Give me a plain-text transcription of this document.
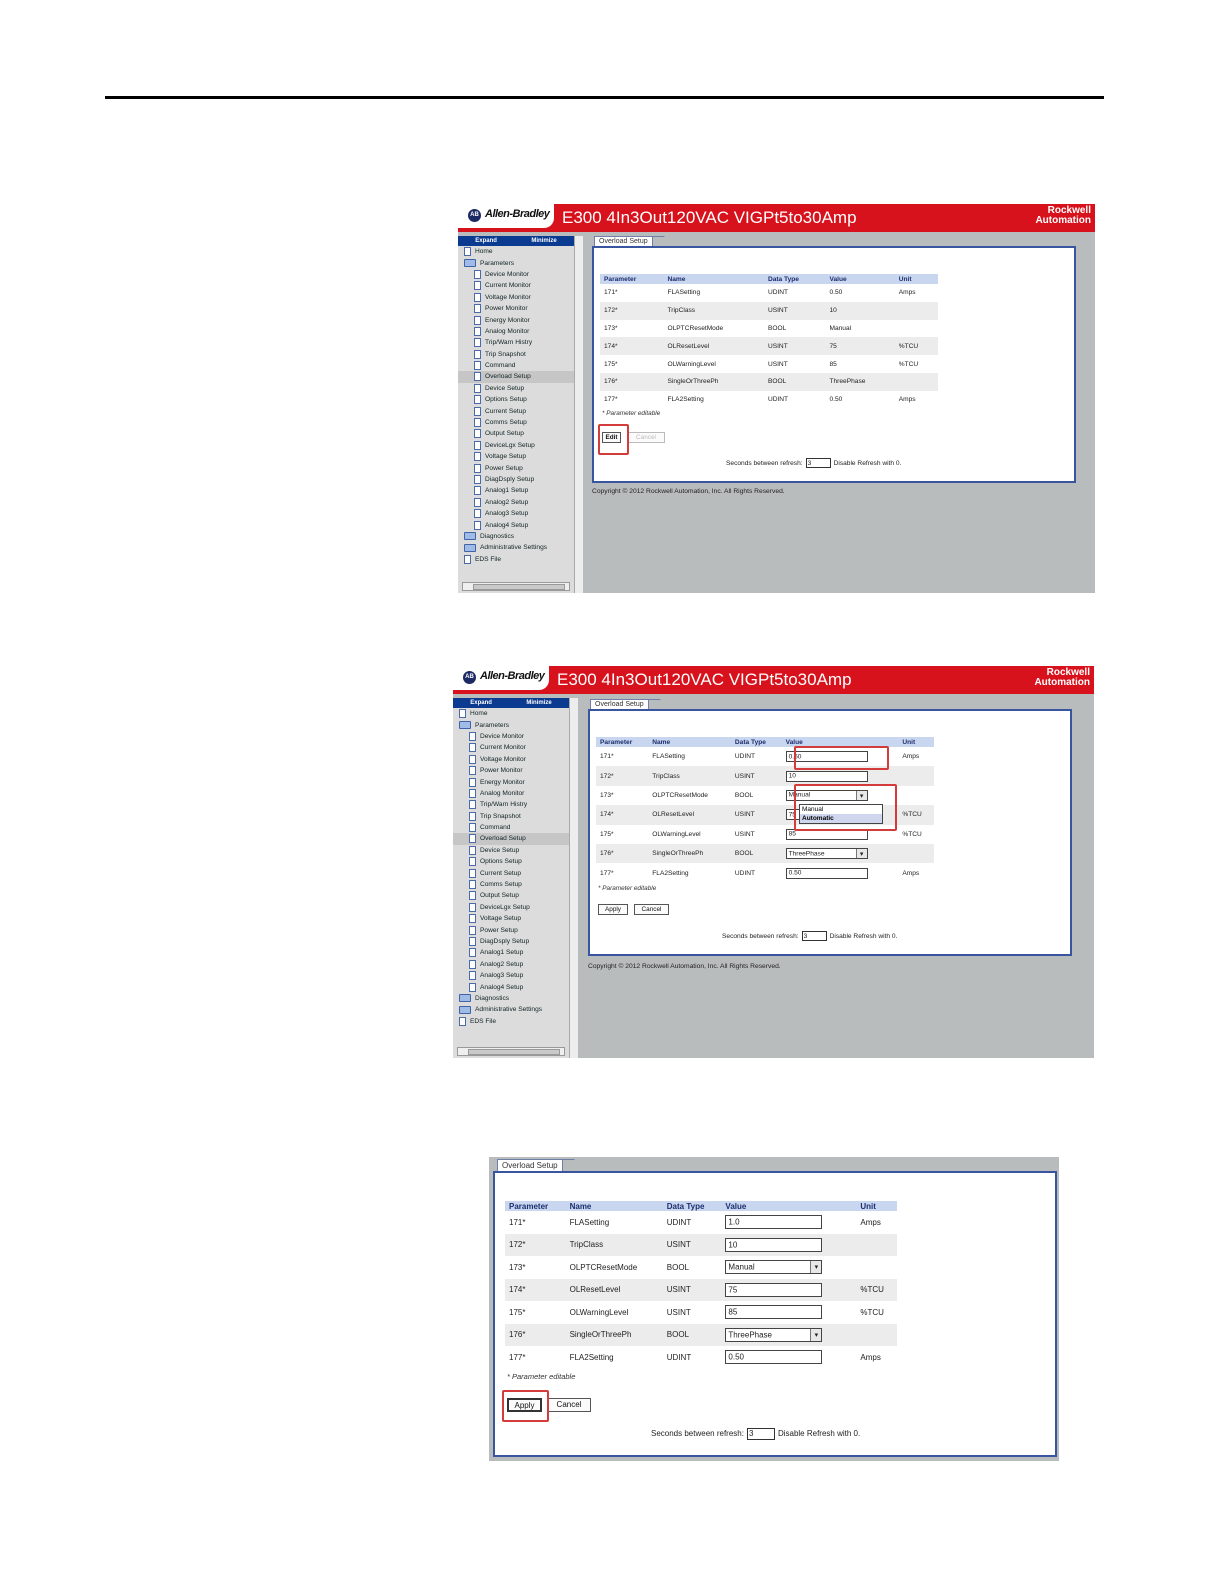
AB Allen-Bradley E300 4In3Out120VAC VIGPt5to30Amp	Rockwell
Automation
Expand	Minimize
Home
Parameters
Device Monitor
Current Monitor
Voltage Monitor
Power Monitor
Energy Monitor
Analog Monitor
Trip/Warn Histry
Trip Snapshot
Command
Overload Setup
Device Setup
Options Setup
Current Setup
Comms Setup
Output Setup
DeviceLgx Setup
Voltage Setup
Power Setup
DiagDsply Setup
Analog1 Setup
Analog2 Setup
Analog3 Setup
Analog4 Setup
Diagnostics
Administrative Settings
EDS File
Overload Setup
Parameter	Name	Data Type	Value	Unit
171*	FLASetting	UDINT	0.50	Amps
172*	TripClass	USINT	10	
173*	OLPTCResetMode	BOOL	Manual	
174*	OLResetLevel	USINT	75	%TCU
175*	OLWarningLevel	USINT	85	%TCU
176*	SingleOrThreePh	BOOL	ThreePhase	
177*	FLA2Setting	UDINT	0.50	Amps
* Parameter editable
Edit	Cancel
Seconds between refresh: 3	Disable Refresh with 0.
Copyright © 2012 Rockwell Automation, Inc. All Rights Reserved.
AB Allen-Bradley E300 4In3Out120VAC VIGPt5to30Amp	Rockwell
Automation
Expand	Minimize
Home
Parameters
Device Monitor
Current Monitor
Voltage Monitor
Power Monitor
Energy Monitor
Analog Monitor
Trip/Warn Histry
Trip Snapshot
Command
Overload Setup
Device Setup
Options Setup
Current Setup
Comms Setup
Output Setup
DeviceLgx Setup
Voltage Setup
Power Setup
DiagDsply Setup
Analog1 Setup
Analog2 Setup
Analog3 Setup
Analog4 Setup
Diagnostics
Administrative Settings
EDS File
Overload Setup
Parameter	Name	Data Type	Value	Unit
171*	FLASetting	UDINT	0.50	Amps
172*	TripClass	USINT	10	

173*	OLPTCResetMode	BOOL	Manual ▾	

174*	OLResetLevel	USINT	75	%TCU
175*	OLWarningLevel	USINT	85	%TCU
176*	SingleOrThreePh	BOOL	ThreePhase ▾	

177*	FLA2Setting	UDINT	0.50	Amps
* Parameter editable
Apply	Cancel
Seconds between refresh: 3	Disable Refresh with 0.
Manual
Automatic
Copyright © 2012 Rockwell Automation, Inc. All Rights Reserved.
Overload Setup
Parameter	Name	Data Type	Value	Unit
171*	FLASetting	UDINT	1.0	Amps
172*	TripClass	USINT	10	

173*	OLPTCResetMode	BOOL	Manual ▾	

174*	OLResetLevel	USINT	75	%TCU
175*	OLWarningLevel	USINT	85	%TCU
176*	SingleOrThreePh	BOOL	ThreePhase ▾	

177*	FLA2Setting	UDINT	0.50	Amps
* Parameter editable
Apply	Cancel
Seconds between refresh: 3	Disable Refresh with 0.
